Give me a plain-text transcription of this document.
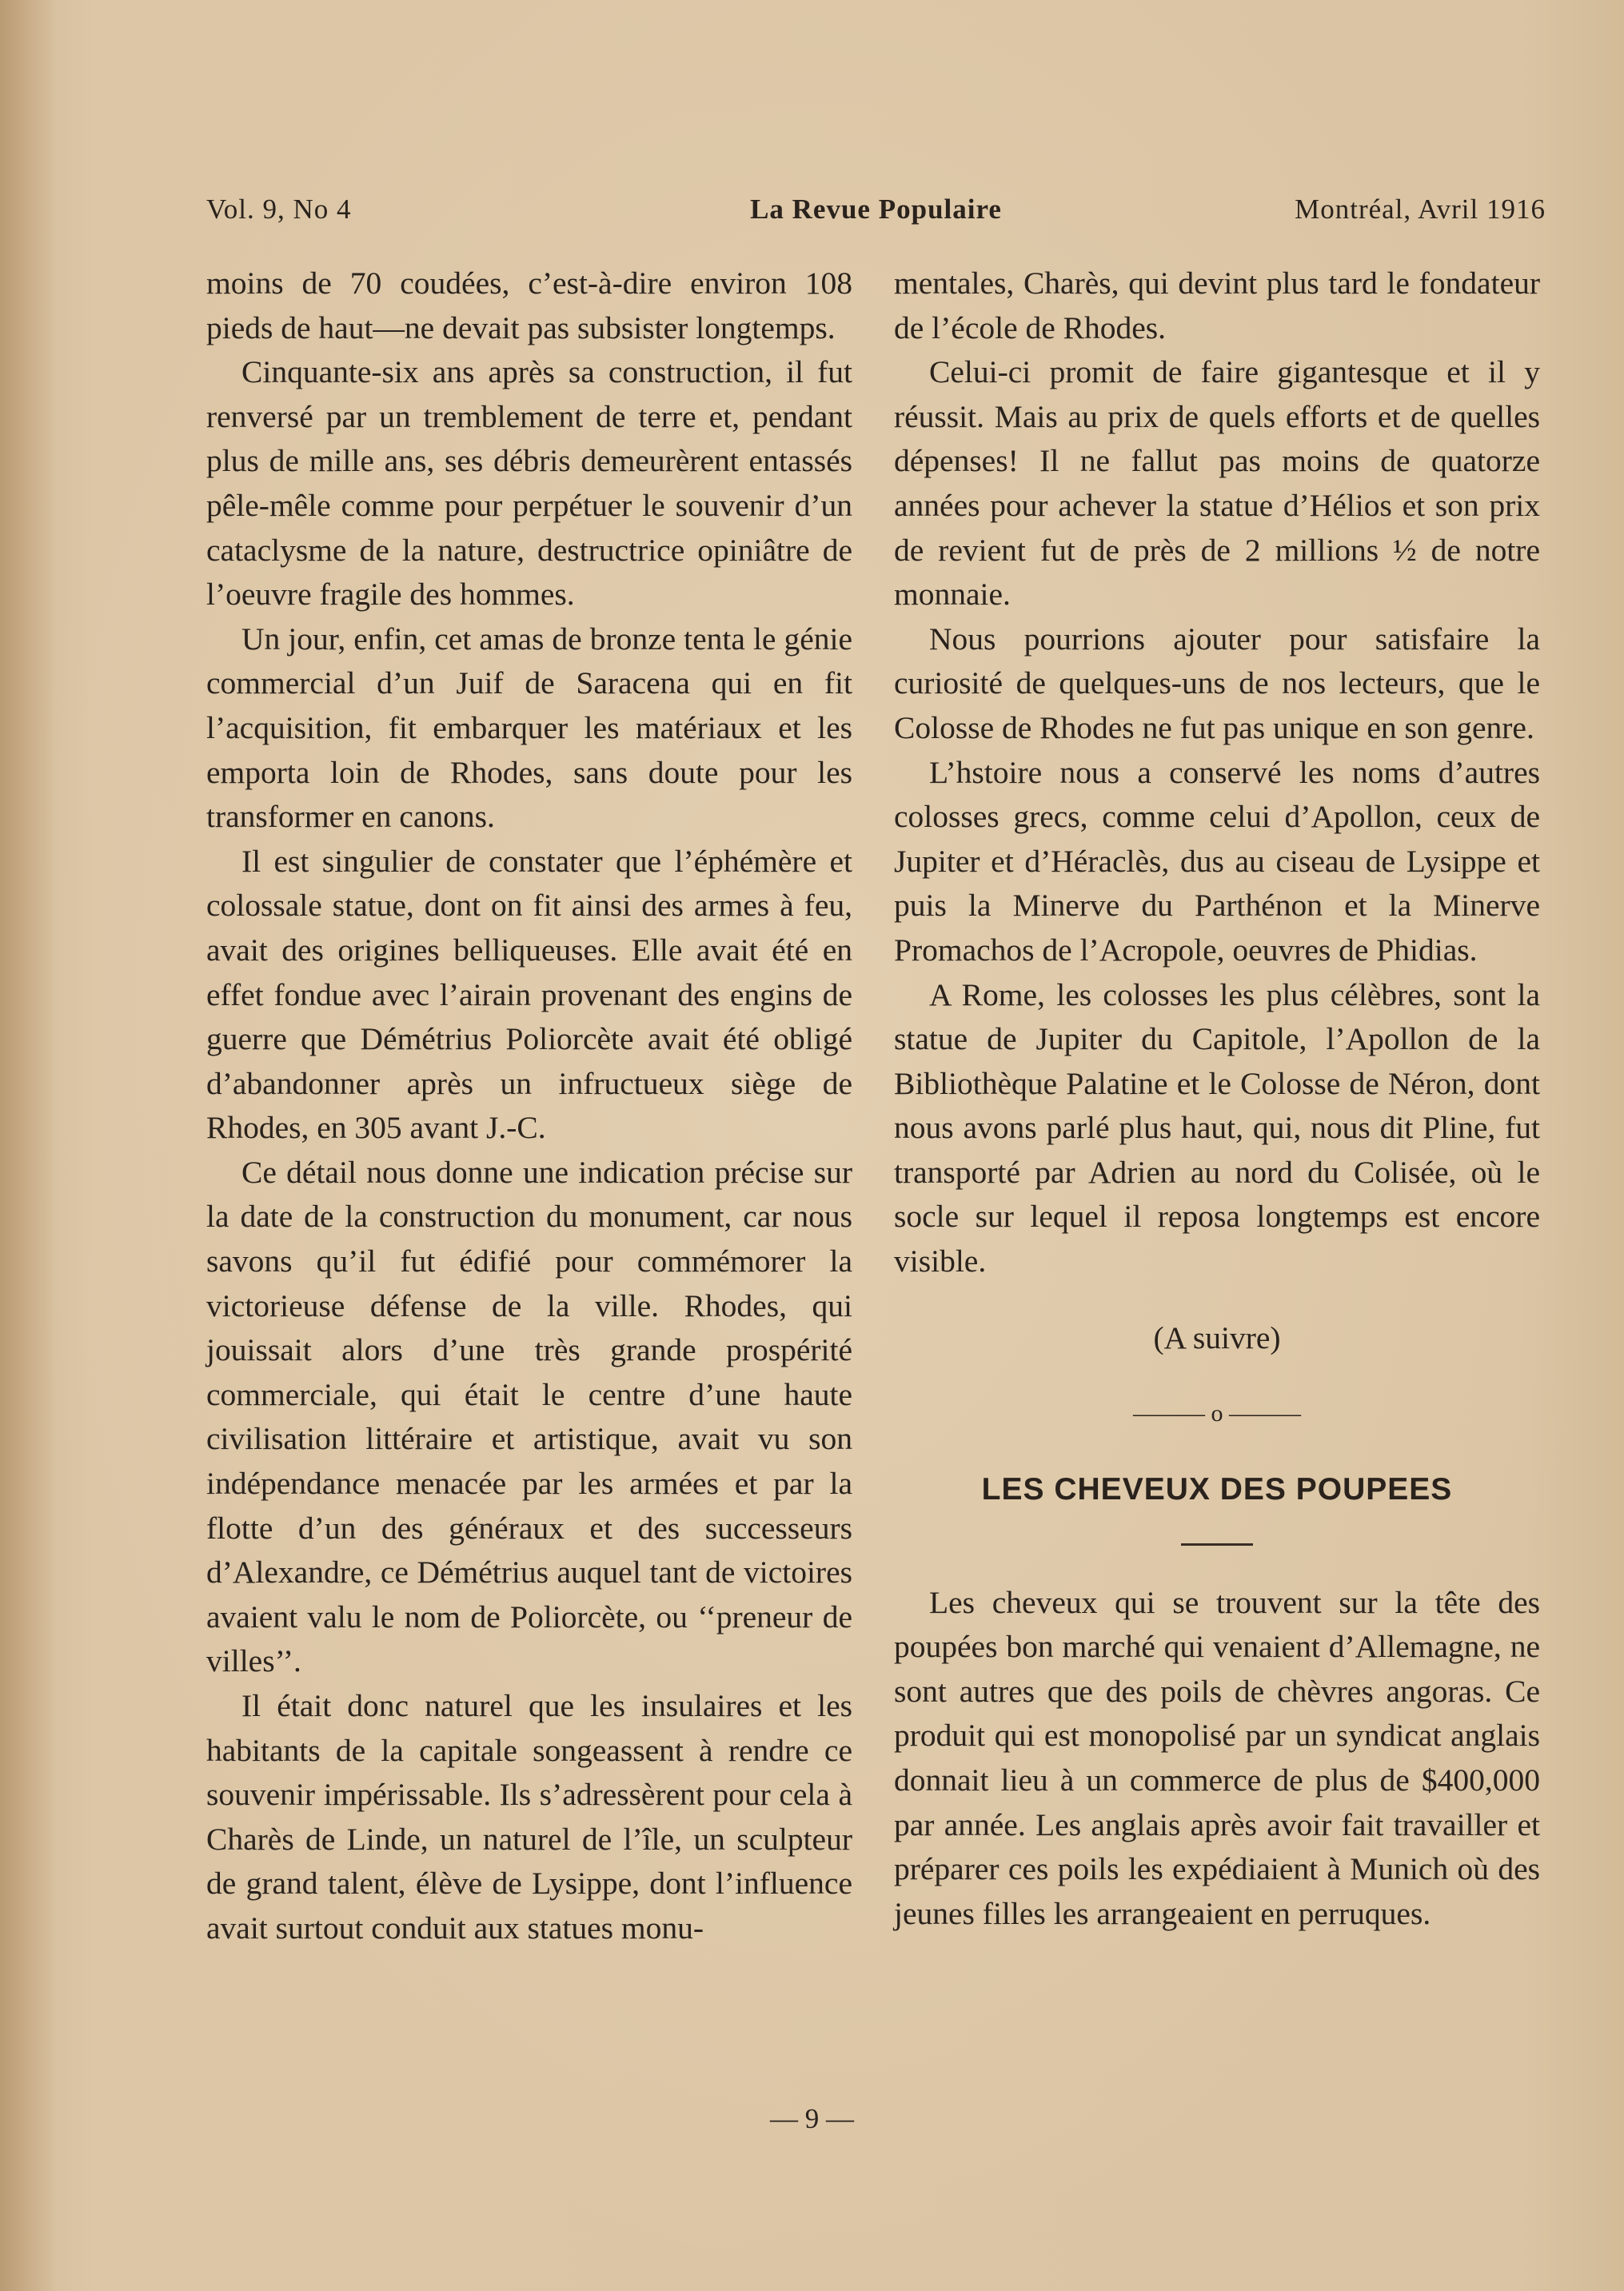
Vol. 9, No 4	La Revue Populaire	Montréal, Avril 1916

moins de 70 coudées, c’est-à-dire environ 108 pieds de haut—ne devait pas subsister longtemps.

Cinquante-six ans après sa construction, il fut renversé par un tremblement de terre et, pendant plus de mille ans, ses débris demeurèrent entassés pêle-mêle comme pour perpétuer le souvenir d’un cataclysme de la nature, destructrice opiniâtre de l’oeuvre fragile des hommes.

Un jour, enfin, cet amas de bronze tenta le génie commercial d’un Juif de Saracena qui en fit l’acquisition, fit embarquer les matériaux et les emporta loin de Rhodes, sans doute pour les transformer en canons.

Il est singulier de constater que l’éphémère et colossale statue, dont on fit ainsi des armes à feu, avait des origines belliqueuses. Elle avait été en effet fondue avec l’airain provenant des engins de guerre que Démétrius Poliorcète avait été obligé d’abandonner après un infructueux siège de Rhodes, en 305 avant J.-C.

Ce détail nous donne une indication précise sur la date de la construction du monument, car nous savons qu’il fut édifié pour commémorer la victorieuse défense de la ville. Rhodes, qui jouissait alors d’une très grande prospérité commerciale, qui était le centre d’une haute civilisation littéraire et artistique, avait vu son indépendance menacée par les armées et par la flotte d’un des généraux et des successeurs d’Alexandre, ce Démétrius auquel tant de victoires avaient valu le nom de Poliorcète, ou ‘‘preneur de villes’’.

Il était donc naturel que les insulaires et les habitants de la capitale songeassent à rendre ce souvenir impérissable. Ils s’adressèrent pour cela à Charès de Linde, un naturel de l’île, un sculpteur de grand talent, élève de Lysippe, dont l’influence avait surtout conduit aux statues monu-

mentales, Charès, qui devint plus tard le fondateur de l’école de Rhodes.

Celui-ci promit de faire gigantesque et il y réussit. Mais au prix de quels efforts et de quelles dépenses! Il ne fallut pas moins de quatorze années pour achever la statue d’Hélios et son prix de revient fut de près de 2 millions ½ de notre monnaie.

Nous pourrions ajouter pour satisfaire la curiosité de quelques-uns de nos lecteurs, que le Colosse de Rhodes ne fut pas unique en son genre.

L’hstoire nous a conservé les noms d’autres colosses grecs, comme celui d’Apollon, ceux de Jupiter et d’Héraclès, dus au ciseau de Lysippe et puis la Minerve du Parthénon et la Minerve Promachos de l’Acropole, oeuvres de Phidias.

A Rome, les colosses les plus célèbres, sont la statue de Jupiter du Capitole, l’Apollon de la Bibliothèque Palatine et le Colosse de Néron, dont nous avons parlé plus haut, qui, nous dit Pline, fut transporté par Adrien au nord du Colisée, où le socle sur lequel il reposa longtemps est encore visible.

(A suivre)
——— o ———
LES CHEVEUX DES POUPEES

Les cheveux qui se trouvent sur la tête des poupées bon marché qui venaient d’Allemagne, ne sont autres que des poils de chèvres angoras. Ce produit qui est monopolisé par un syndicat anglais donnait lieu à un commerce de plus de $400,000 par année. Les anglais après avoir fait travailler et préparer ces poils les expédiaient à Munich où des jeunes filles les arrangeaient en perruques.

— 9 —
